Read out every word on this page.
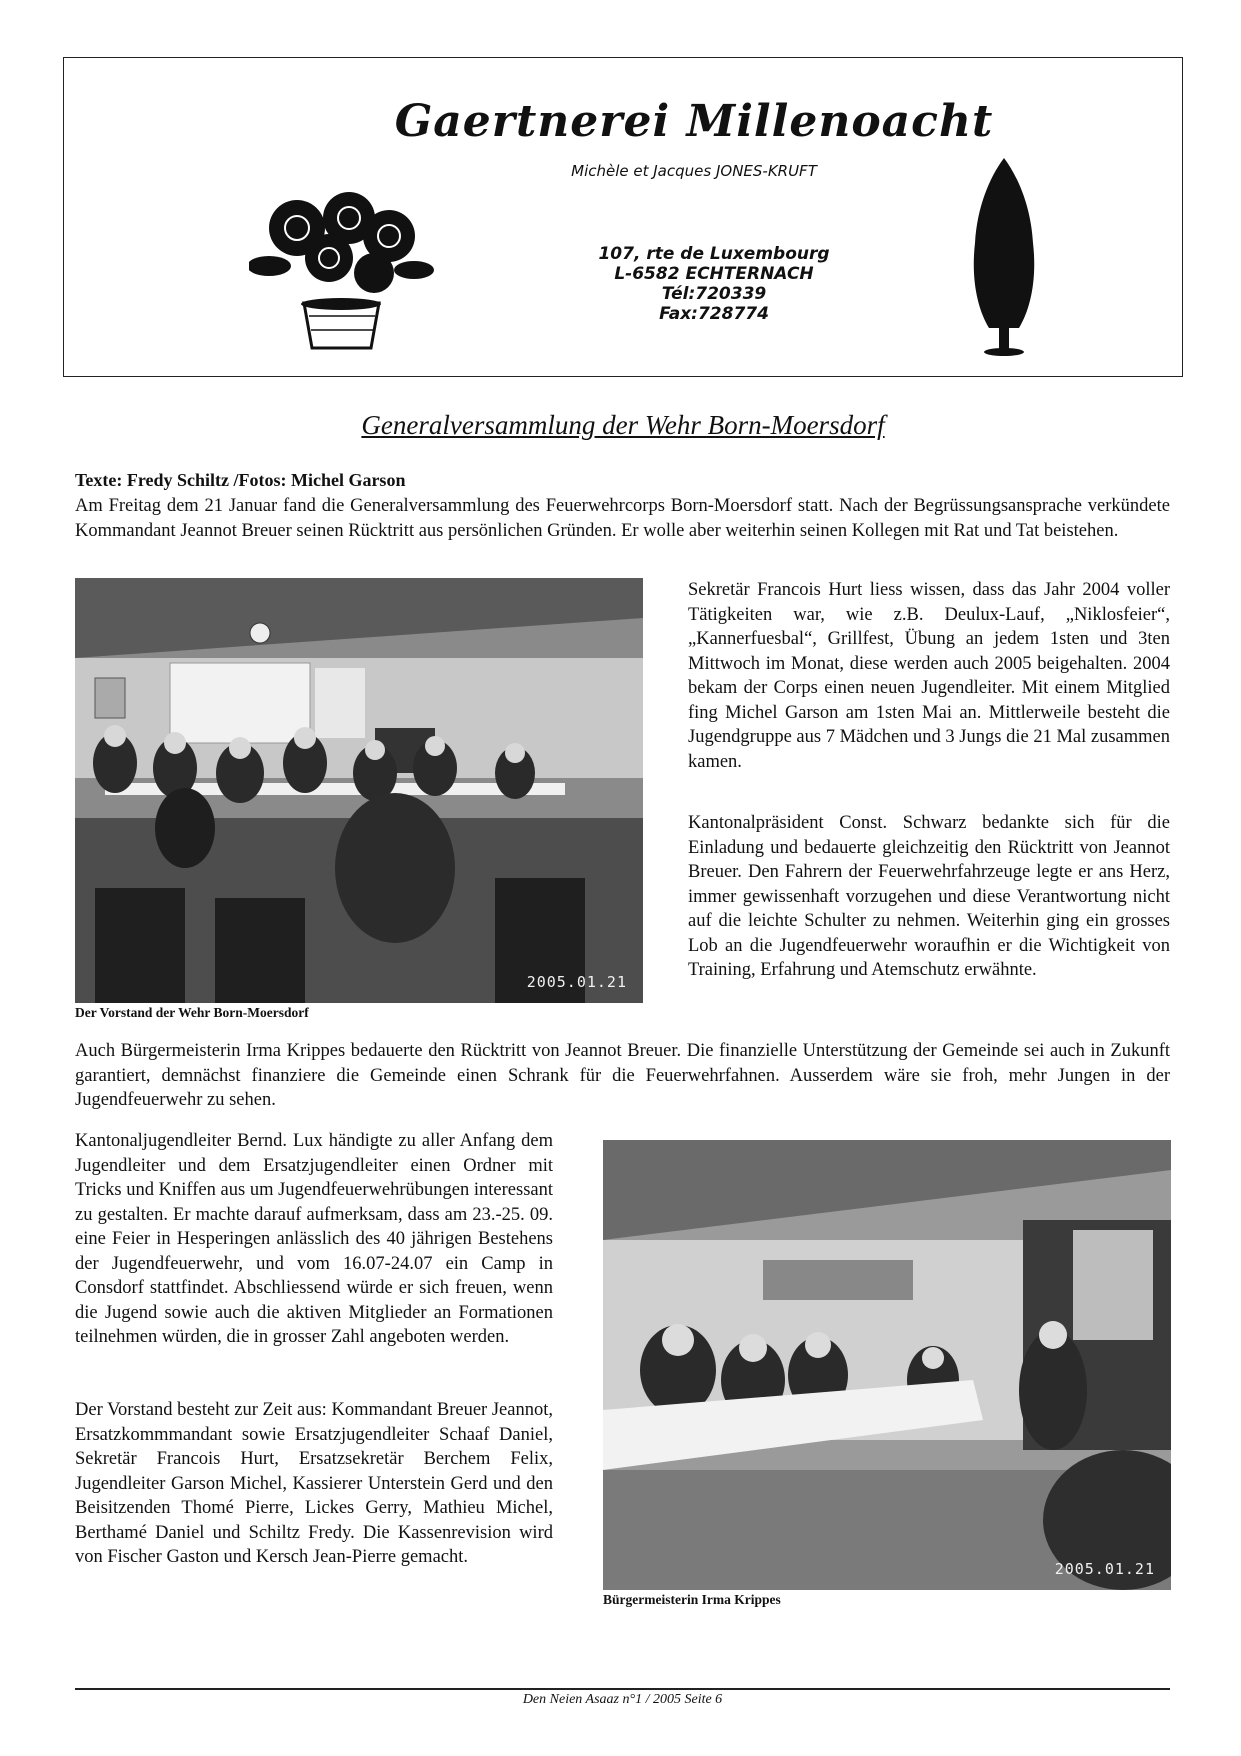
Gaertnerei Millenoacht
Michèle et Jacques JONES-KRUFT
107, rte de Luxembourg
L-6582 ECHTERNACH
Tél:720339
Fax:728774
Generalversammlung der Wehr Born-Moersdorf
Texte: Fredy Schiltz /Fotos: Michel Garson

Am Freitag dem 21 Januar fand die Generalversammlung des Feuerwehrcorps Born-Moersdorf statt. Nach der Begrüssungsansprache verkündete Kommandant Jeannot Breuer seinen Rücktritt aus persönlichen Gründen. Er wolle aber weiterhin seinen Kollegen mit Rat und Tat beistehen.

2005.01.21
Der Vorstand der Wehr Born-Moersdorf

Sekretär Francois Hurt liess wissen, dass das Jahr 2004 voller Tätigkeiten war, wie z.B. Deulux-Lauf, „Niklosfeier“, „Kannerfuesbal“, Grillfest, Übung an jedem 1sten und 3ten Mittwoch im Monat, diese werden auch 2005 beigehalten. 2004 bekam der Corps einen neuen Jugendleiter. Mit einem Mitglied fing Michel Garson am 1sten Mai an. Mittlerweile besteht die Jugendgruppe aus 7 Mädchen und 3 Jungs die 21 Mal zusammen kamen.

Kantonalpräsident Const. Schwarz bedankte sich für die Einladung und bedauerte gleichzeitig den Rücktritt von Jeannot Breuer. Den Fahrern der Feuerwehrfahrzeuge legte er ans Herz, immer gewissenhaft vorzugehen und diese Verantwortung nicht auf die leichte Schulter zu nehmen. Weiterhin ging ein grosses Lob an die Jugendfeuerwehr woraufhin er die Wichtigkeit von Training, Erfahrung und Atemschutz erwähnte.

Auch Bürgermeisterin Irma Krippes bedauerte den Rücktritt von Jeannot Breuer. Die finanzielle Unterstützung der Gemeinde sei auch in Zukunft garantiert, demnächst finanziere die Gemeinde einen Schrank für die Feuerwehrfahnen. Ausserdem wäre sie froh, mehr Jungen in der Jugendfeuerwehr zu sehen.

Kantonaljugendleiter Bernd. Lux händigte zu aller Anfang dem Jugendleiter und dem Ersatzjugendleiter einen Ordner mit Tricks und Kniffen aus um Jugendfeuerwehrübungen interessant zu gestalten. Er machte darauf aufmerksam, dass am 23.-25. 09. eine Feier in Hesperingen anlässlich des 40 jährigen Bestehens der Jugendfeuerwehr, und vom 16.07-24.07 ein Camp in Consdorf stattfindet. Abschliessend würde er sich freuen, wenn die Jugend sowie auch die aktiven Mitglieder an Formationen teilnehmen würden, die in grosser Zahl angeboten werden.

Der Vorstand besteht zur Zeit aus: Kommandant Breuer Jeannot, Ersatzkommmandant sowie Ersatzjugendleiter Schaaf Daniel, Sekretär Francois Hurt, Ersatzsekretär Berchem Felix, Jugendleiter Garson Michel, Kassierer Unterstein Gerd und den Beisitzenden Thomé Pierre, Lickes Gerry, Mathieu Michel, Berthamé Daniel und Schiltz Fredy. Die Kassenrevision wird von Fischer Gaston und Kersch Jean-Pierre gemacht.

2005.01.21
Bürgermeisterin Irma Krippes
Den Neien Asaaz n°1 / 2005 Seite 6
